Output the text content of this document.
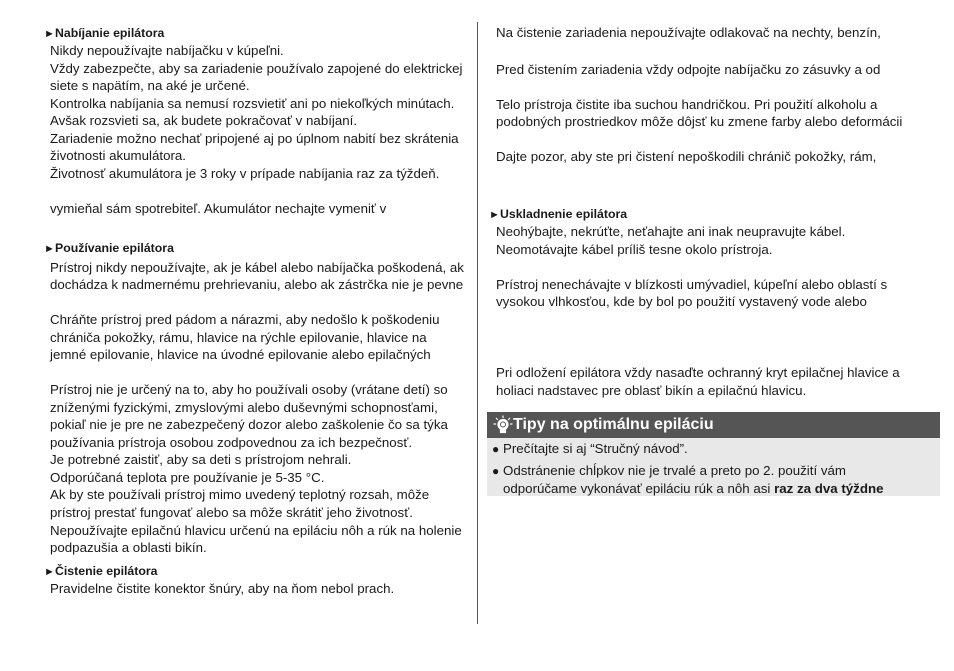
►Nabíjanie epilátora
Nikdy nepoužívajte nabíjačku v kúpeľni.
Vždy zabezpečte, aby sa zariadenie používalo zapojené do elektrickej
siete s napätím, na aké je určené.
Kontrolka nabíjania sa nemusí rozsvietiť ani po niekoľkých minútach.
Avšak rozsvieti sa, ak budete pokračovať v nabíjaní.
Zariadenie možno nechať pripojené aj po úplnom nabití bez skrátenia
životnosti akumulátora.
Životnosť akumulátora je 3 roky v prípade nabíjania raz za týždeň.
vymieňal sám spotrebiteľ. Akumulátor nechajte vymeniť v
►Používanie epilátora
Prístroj nikdy nepoužívajte, ak je kábel alebo nabíjačka poškodená, ak
dochádza k nadmernému prehrievaniu, alebo ak zástrčka nie je pevne
Chráňte prístroj pred pádom a nárazmi, aby nedošlo k poškodeniu
chrániča pokožky, rámu, hlavice na rýchle epilovanie, hlavice na
jemné epilovanie, hlavice na úvodné epilovanie alebo epilačných
Prístroj nie je určený na to, aby ho používali osoby (vrátane detí) so
zníženými fyzickými, zmyslovými alebo duševnými schopnosťami,
pokiaľ nie je pre ne zabezpečený dozor alebo zaškolenie čo sa týka
používania prístroja osobou zodpovednou za ich bezpečnosť.
Je potrebné zaistiť, aby sa deti s prístrojom nehrali.
Odporúčaná teplota pre používanie je 5-35 °C.
Ak by ste používali prístroj mimo uvedený teplotný rozsah, môže
prístroj prestať fungovať alebo sa môže skrátiť jeho životnosť.
Nepoužívajte epilačnú hlavicu určenú na epiláciu nôh a rúk na holenie
podpazušia a oblasti bikín.
►Čistenie epilátora
Pravidelne čistite konektor šnúry, aby na ňom nebol prach.
Na čistenie zariadenia nepoužívajte odlakovač na nechty, benzín,
Pred čistením zariadenia vždy odpojte nabíjačku zo zásuvky a od
Telo prístroja čistite iba suchou handričkou. Pri použití alkoholu a
podobných prostriedkov môže dôjsť ku zmene farby alebo deformácii
Dajte pozor, aby ste pri čistení nepoškodili chránič pokožky, rám,
►Uskladnenie epilátora
Neohýbajte, nekrúťte, neťahajte ani inak neupravujte kábel.
Neomotávajte kábel príliš tesne okolo prístroja.
Prístroj nenechávajte v blízkosti umývadiel, kúpeľní alebo oblastí s
vysokou vlhkosťou, kde by bol po použití vystavený vode alebo
Pri odložení epilátora vždy nasaďte ochranný kryt epilačnej hlavice a
holiaci nadstavec pre oblasť bikín a epilačnú hlavicu.
Tipy na optimálnu epiláciu
● Prečítajte si aj “Stručný návod”.
● Odstránenie chĺpkov nie je trvalé a preto po 2. použití vám
odporúčame vykonávať epiláciu rúk a nôh asi raz za dva týždne
